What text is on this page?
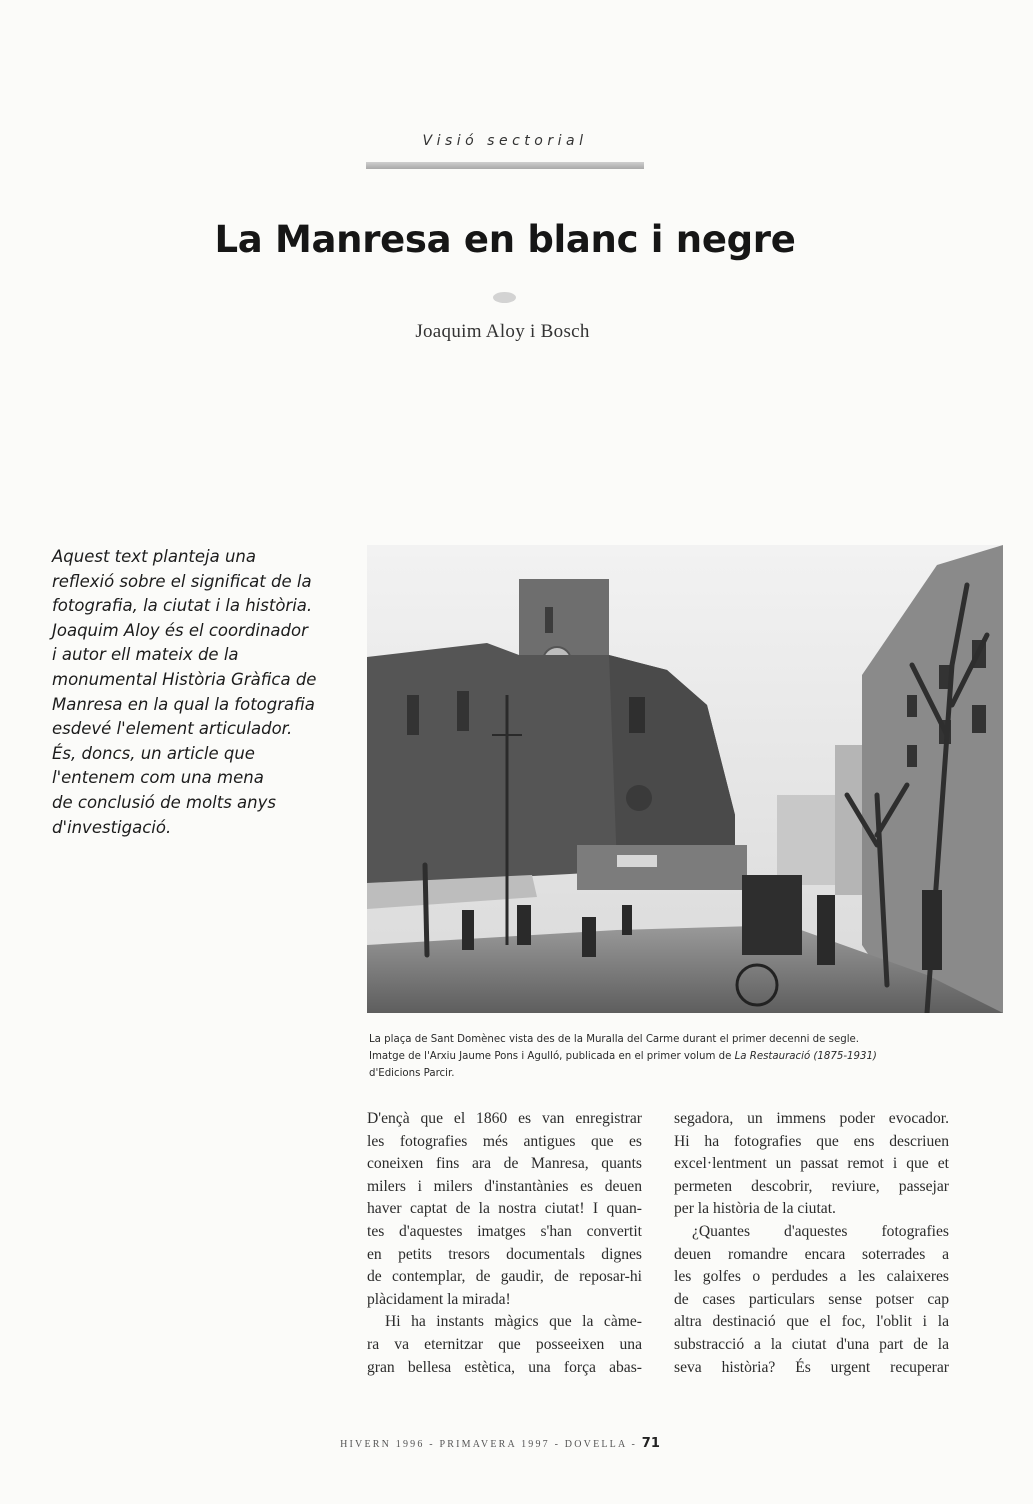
Visió sectorial
La Manresa en blanc i negre
Joaquim Aloy i Bosch

Aquest text planteja una
reflexió sobre el significat de la
fotografia, la ciutat i la història.
Joaquim Aloy és el coordinador
i autor ell mateix de la
monumental Història Gràfica de
Manresa en la qual la fotografia
esdevé l'element articulador.
És, doncs, un article que
l'entenem com una mena
de conclusió de molts anys
d'investigació.

La plaça de Sant Domènec vista des de la Muralla del Carme durant el primer decenni de segle.
Imatge de l'Arxiu Jaume Pons i Agulló, publicada en el primer volum de La Restauració (1875-1931)
d'Edicions Parcir.

D'ençà que el 1860 es van enregistrar
les fotografies més antigues que es
coneixen fins ara de Manresa, quants
milers i milers d'instantànies es deuen
haver captat de la nostra ciutat! I quan-
tes d'aquestes imatges s'han convertit
en petits tresors documentals dignes
de contemplar, de gaudir, de reposar-hi
plàcidament la mirada!
Hi ha instants màgics que la càme-
ra va eternitzar que posseeixen una
gran bellesa estètica, una força abas-

segadora, un immens poder evocador.
Hi ha fotografies que ens descriuen
excel·lentment un passat remot i que et
permeten descobrir, reviure, passejar
per la història de la ciutat.
¿Quantes d'aquestes fotografies
deuen romandre encara soterrades a
les golfes o perdudes a les calaixeres
de cases particulars sense potser cap
altra destinació que el foc, l'oblit i la
substracció a la ciutat d'una part de la
seva història? És urgent recuperar

HIVERN 1996 - PRIMAVERA 1997 - DOVELLA - 71
